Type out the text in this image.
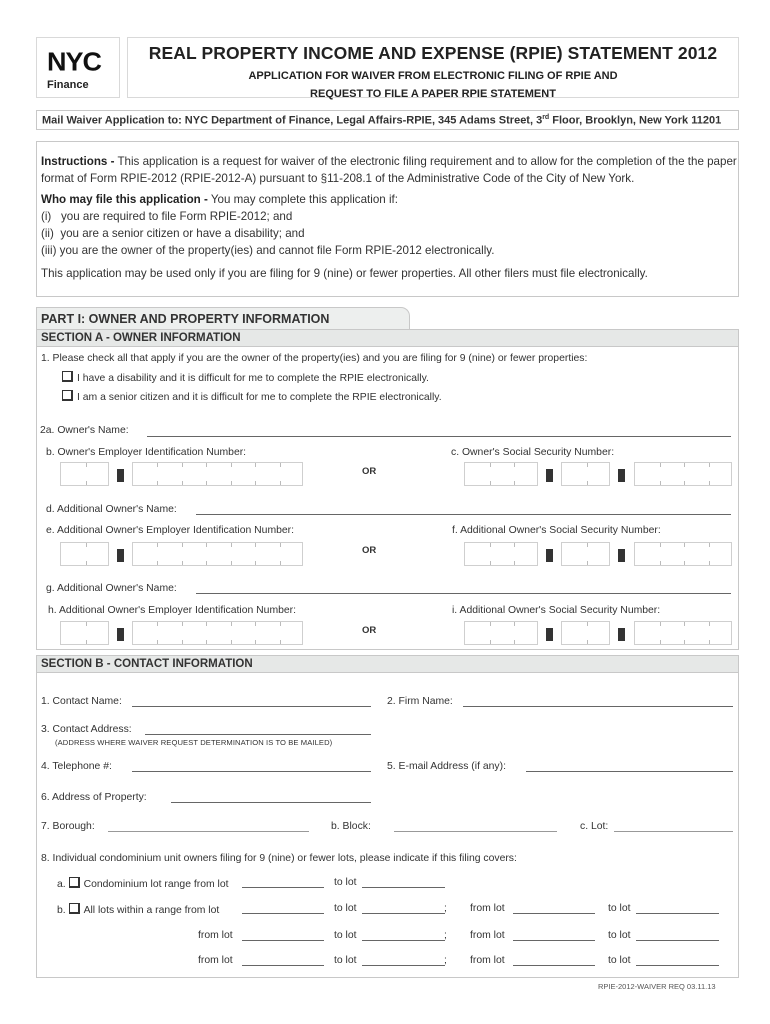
NYC
Finance
REAL PROPERTY INCOME AND EXPENSE (RPIE) STATEMENT 2012
APPLICATION FOR WAIVER FROM ELECTRONIC FILING OF RPIE AND
REQUEST TO FILE A PAPER RPIE STATEMENT
Mail Waiver Application to: NYC Department of Finance, Legal Affairs-RPIE, 345 Adams Street, 3rd Floor, Brooklyn, New York 11201
Instructions - This application is a request for waiver of the electronic filing requirement and to allow for the completion of the the paper format of Form RPIE-2012 (RPIE-2012-A) pursuant to §11-208.1 of the Administrative Code of the City of New York.
Who may file this application - You may complete this application if:
(i)   you are required to file Form RPIE-2012; and
(ii)  you are a senior citizen or have a disability; and
(iii) you are the owner of the property(ies) and cannot file Form RPIE-2012 electronically.
This application may be used only if you are filing for 9 (nine) or fewer properties. All other filers must file electronically.
PART I: OWNER AND PROPERTY INFORMATION
SECTION A - OWNER INFORMATION
1. Please check all that apply if you are the owner of the property(ies) and you are filing for 9 (nine) or fewer properties:
I have a disability and it is difficult for me to complete the RPIE electronically.
I am a senior citizen and it is difficult for me to complete the RPIE electronically.
2a. Owner's Name:
b. Owner's Employer Identification Number:	c. Owner's Social Security Number:
OR
d. Additional Owner's Name:
e. Additional Owner's Employer Identification Number:	f. Additional Owner's Social Security Number:
OR
g. Additional Owner's Name:
h. Additional Owner's Employer Identification Number:	i. Additional Owner's Social Security Number:
OR
SECTION B - CONTACT INFORMATION
1. Contact Name:	2. Firm Name:
3. Contact Address:
(ADDRESS WHERE WAIVER REQUEST DETERMINATION IS TO BE MAILED)
4. Telephone #:	5. E-mail Address (if any):
6. Address of Property:
7. Borough:	b. Block:	c. Lot:
8. Individual condominium unit owners filing for 9 (nine) or fewer lots, please indicate if this filing covers:
a. Condominium lot range from lot	to lot
b. All lots within a range from lot	to lot	; from lot	to lot
from lot	to lot	; from lot	to lot
from lot	to lot	; from lot	to lot
RPIE-2012-WAIVER REQ 03.11.13
